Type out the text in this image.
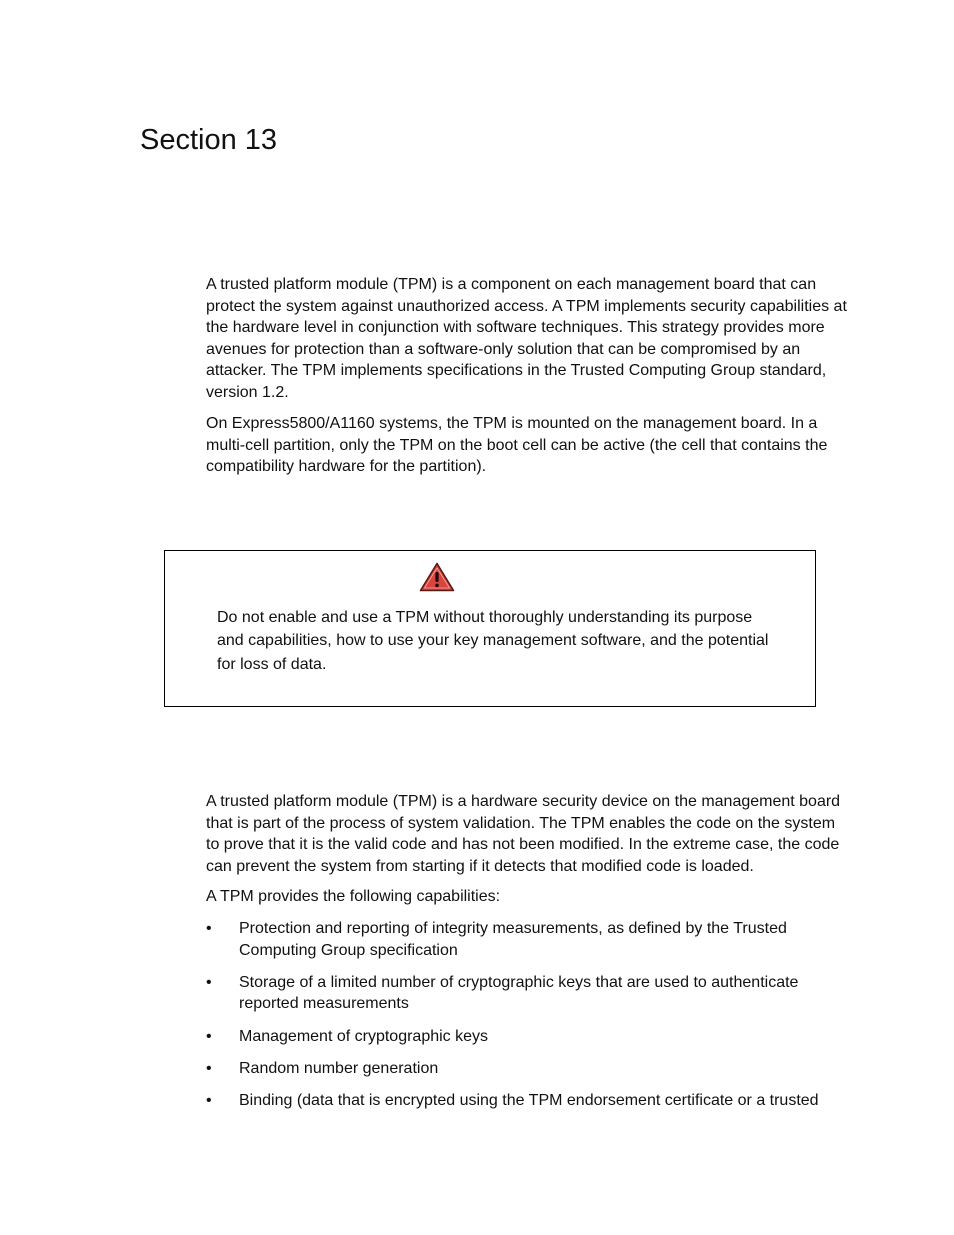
Section 13

A trusted platform module (TPM) is a component on each management board that can protect the system against unauthorized access. A TPM implements security capabilities at the hardware level in conjunction with software techniques. This strategy provides more avenues for protection than a software-only solution that can be compromised by an attacker. The TPM implements specifications in the Trusted Computing Group standard, version 1.2.

On Express5800/A1160 systems, the TPM is mounted on the management board. In a multi-cell partition, only the TPM on the boot cell can be active (the cell that contains the compatibility hardware for the partition).

Do not enable and use a TPM without thoroughly understanding its purpose and capabilities, how to use your key management software, and the potential for loss of data.

A trusted platform module (TPM) is a hardware security device on the management board that is part of the process of system validation. The TPM enables the code on the system to prove that it is the valid code and has not been modified. In the extreme case, the code can prevent the system from starting if it detects that modified code is loaded.

A TPM provides the following capabilities:

•	Protection and reporting of integrity measurements, as defined by the Trusted Computing Group specification
•	Storage of a limited number of cryptographic keys that are used to authenticate reported measurements
•	Management of cryptographic keys
•	Random number generation
•	Binding (data that is encrypted using the TPM endorsement certificate or a trusted
